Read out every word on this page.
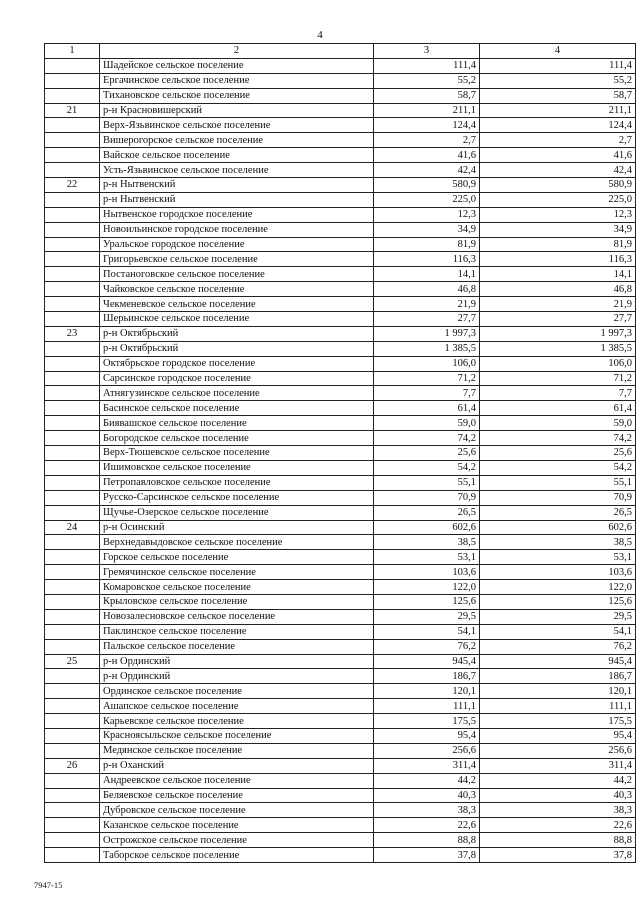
4
1	2	3	4
	Шадейское сельское поселение	111,4	111,4
	Ергачинское сельское поселение	55,2	55,2
	Тихановское сельское поселение	58,7	58,7
21	р-н Красновишерский	211,1	211,1
	Верх-Язьвинское сельское поселение	124,4	124,4
	Вишерогорское сельское поселение	2,7	2,7
	Вайское сельское поселение	41,6	41,6
	Усть-Язьвинское сельское поселение	42,4	42,4
22	р-н Нытвенский	580,9	580,9
	р-н Нытвенский	225,0	225,0
	Нытвенское городское поселение	12,3	12,3
	Новоильинское городское поселение	34,9	34,9
	Уральское городское поселение	81,9	81,9
	Григорьевское сельское поселение	116,3	116,3
	Постаноговское сельское поселение	14,1	14,1
	Чайковское сельское поселение	46,8	46,8
	Чекменевское сельское поселение	21,9	21,9
	Шерьинское сельское поселение	27,7	27,7
23	р-н Октябрьский	1 997,3	1 997,3
	р-н Октябрьский	1 385,5	1 385,5
	Октябрьское городское поселение	106,0	106,0
	Сарсинское городское поселение	71,2	71,2
	Атнягузинское сельское поселение	7,7	7,7
	Басинское сельское поселение	61,4	61,4
	Биявашское сельское поселение	59,0	59,0
	Богородское сельское поселение	74,2	74,2
	Верх-Тюшевское сельское поселение	25,6	25,6
	Ишимовское сельское поселение	54,2	54,2
	Петропавловское сельское поселение	55,1	55,1
	Русско-Сарсинское сельское поселение	70,9	70,9
	Щучье-Озерское сельское поселение	26,5	26,5
24	р-н Осинский	602,6	602,6
	Верхнедавыдовское сельское поселение	38,5	38,5
	Горское сельское поселение	53,1	53,1
	Гремячинское сельское поселение	103,6	103,6
	Комаровское сельское поселение	122,0	122,0
	Крыловское сельское поселение	125,6	125,6
	Новозалесновское сельское поселение	29,5	29,5
	Паклинское сельское поселение	54,1	54,1
	Пальское сельское поселение	76,2	76,2
25	р-н Ординский	945,4	945,4
	р-н Ординский	186,7	186,7
	Ординское сельское поселение	120,1	120,1
	Ашапское сельское поселение	111,1	111,1
	Карьевское сельское поселение	175,5	175,5
	Красноясыльское сельское поселение	95,4	95,4
	Медянское сельское поселение	256,6	256,6
26	р-н Оханский	311,4	311,4
	Андреевское сельское поселение	44,2	44,2
	Беляевское сельское поселение	40,3	40,3
	Дубровское сельское поселение	38,3	38,3
	Казанское сельское поселение	22,6	22,6
	Острожское сельское поселение	88,8	88,8
	Таборское сельское поселение	37,8	37,8
7947-15
